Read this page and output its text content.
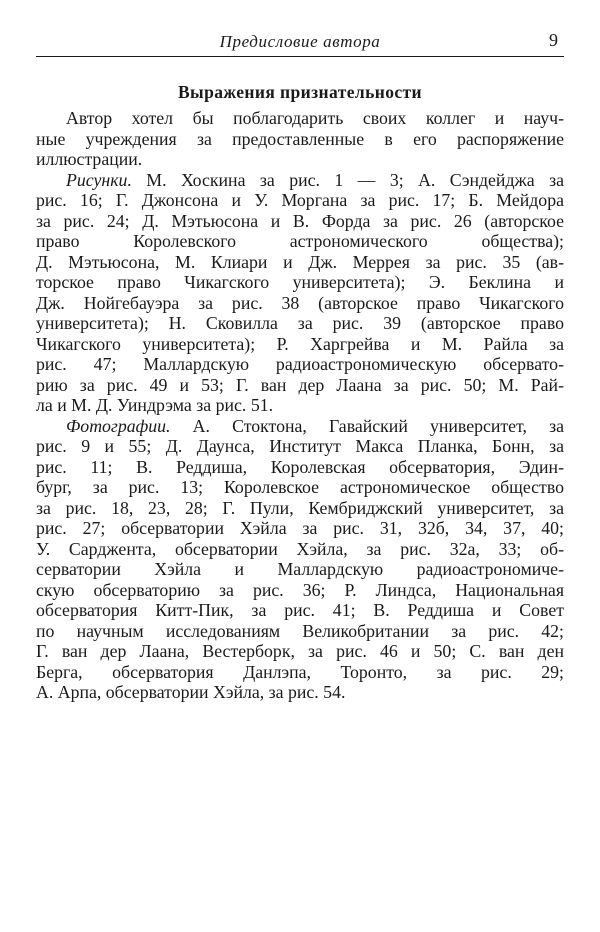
Предисловие автора	9
Выражения признательности
Автор хотел бы поблагодарить своих коллег и науч-
ные учреждения за предоставленные в его распоряжение
иллюстрации.
Рисунки. М. Хоскина за рис. 1 — 3; А. Сэндейджа за
рис. 16; Г. Джонсона и У. Моргана за рис. 17; Б. Мейдора
за рис. 24; Д. Мэтьюсона и В. Форда за рис. 26 (авторское
право Королевского астрономического общества);
Д. Мэтьюсона, М. Клиари и Дж. Меррея за рис. 35 (ав-
торское право Чикагского университета); Э. Беклина и
Дж. Нойгебауэра за рис. 38 (авторское право Чикагского
университета); Н. Сковилла за рис. 39 (авторское право
Чикагского университета); Р. Харгрейва и М. Райла за
рис. 47; Маллардскую радиоастрономическую обсервато-
рию за рис. 49 и 53; Г. ван дер Лаана за рис. 50; М. Рай-
ла и М. Д. Уиндрэма за рис. 51.
Фотографии. А. Стоктона, Гавайский университет, за
рис. 9 и 55; Д. Даунса, Институт Макса Планка, Бонн, за
рис. 11; В. Реддиша, Королевская обсерватория, Эдин-
бург, за рис. 13; Королевское астрономическое общество
за рис. 18, 23, 28; Г. Пули, Кембриджский университет, за
рис. 27; обсерватории Хэйла за рис. 31, 32б, 34, 37, 40;
У. Сарджента, обсерватории Хэйла, за рис. 32а, 33; об-
серватории Хэйла и Маллардскую радиоастрономиче-
скую обсерваторию за рис. 36; Р. Линдса, Национальная
обсерватория Китт-Пик, за рис. 41; В. Реддиша и Совет
по научным исследованиям Великобритании за рис. 42;
Г. ван дер Лаана, Вестерборк, за рис. 46 и 50; С. ван ден
Берга, обсерватория Данлэпа, Торонто, за рис. 29;
А. Арпа, обсерватории Хэйла, за рис. 54.
